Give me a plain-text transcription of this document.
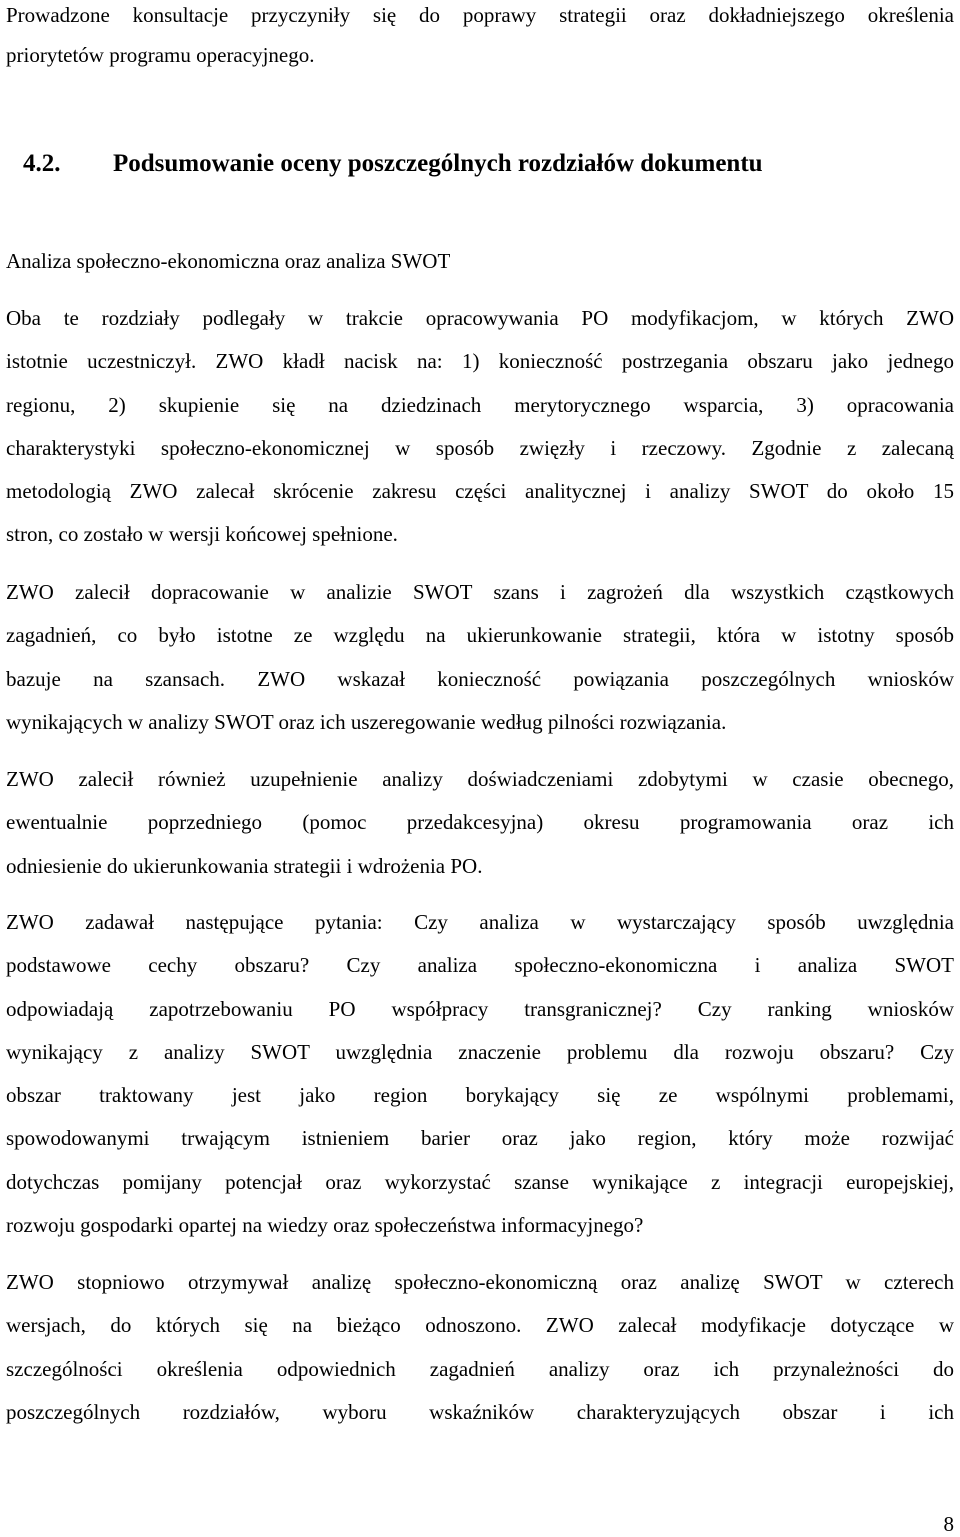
Prowadzone konsultacje przyczyniły się do poprawy strategii oraz dokładniejszego określenia
priorytetów programu operacyjnego.
4.2. Podsumowanie oceny poszczególnych rozdziałów dokumentu
Analiza społeczno-ekonomiczna oraz analiza SWOT
Oba te rozdziały podlegały w trakcie opracowywania PO modyfikacjom, w których ZWO
istotnie uczestniczył. ZWO kładł nacisk na: 1) konieczność postrzegania obszaru jako jednego
regionu, 2) skupienie się na dziedzinach merytorycznego wsparcia, 3) opracowania
charakterystyki społeczno-ekonomicznej w sposób zwięzły i rzeczowy. Zgodnie z zalecaną
metodologią ZWO zalecał skrócenie zakresu części analitycznej i analizy SWOT do około 15
stron, co zostało w wersji końcowej spełnione.
ZWO zalecił dopracowanie w analizie SWOT szans i zagrożeń dla wszystkich cząstkowych
zagadnień, co było istotne ze względu na ukierunkowanie strategii, która w istotny sposób
bazuje na szansach. ZWO wskazał konieczność powiązania poszczególnych wniosków
wynikających w analizy SWOT oraz ich uszeregowanie według pilności rozwiązania.
ZWO zalecił również uzupełnienie analizy doświadczeniami zdobytymi w czasie obecnego,
ewentualnie poprzedniego (pomoc przedakcesyjna) okresu programowania oraz ich
odniesienie do ukierunkowania strategii i wdrożenia PO.
ZWO zadawał następujące pytania: Czy analiza w wystarczający sposób uwzględnia
podstawowe cechy obszaru? Czy analiza społeczno-ekonomiczna i analiza SWOT
odpowiadają zapotrzebowaniu PO współpracy transgranicznej? Czy ranking wniosków
wynikający z analizy SWOT uwzględnia znaczenie problemu dla rozwoju obszaru? Czy
obszar traktowany jest jako region borykający się ze wspólnymi problemami,
spowodowanymi trwającym istnieniem barier oraz jako region, który może rozwijać
dotychczas pomijany potencjał oraz wykorzystać szanse wynikające z integracji europejskiej,
rozwoju gospodarki opartej na wiedzy oraz społeczeństwa informacyjnego?
ZWO stopniowo otrzymywał analizę społeczno-ekonomiczną oraz analizę SWOT w czterech
wersjach, do których się na bieżąco odnoszono. ZWO zalecał modyfikacje dotyczące w
szczególności określenia odpowiednich zagadnień analizy oraz ich przynależności do
poszczególnych rozdziałów, wyboru wskaźników charakteryzujących obszar i ich
8
